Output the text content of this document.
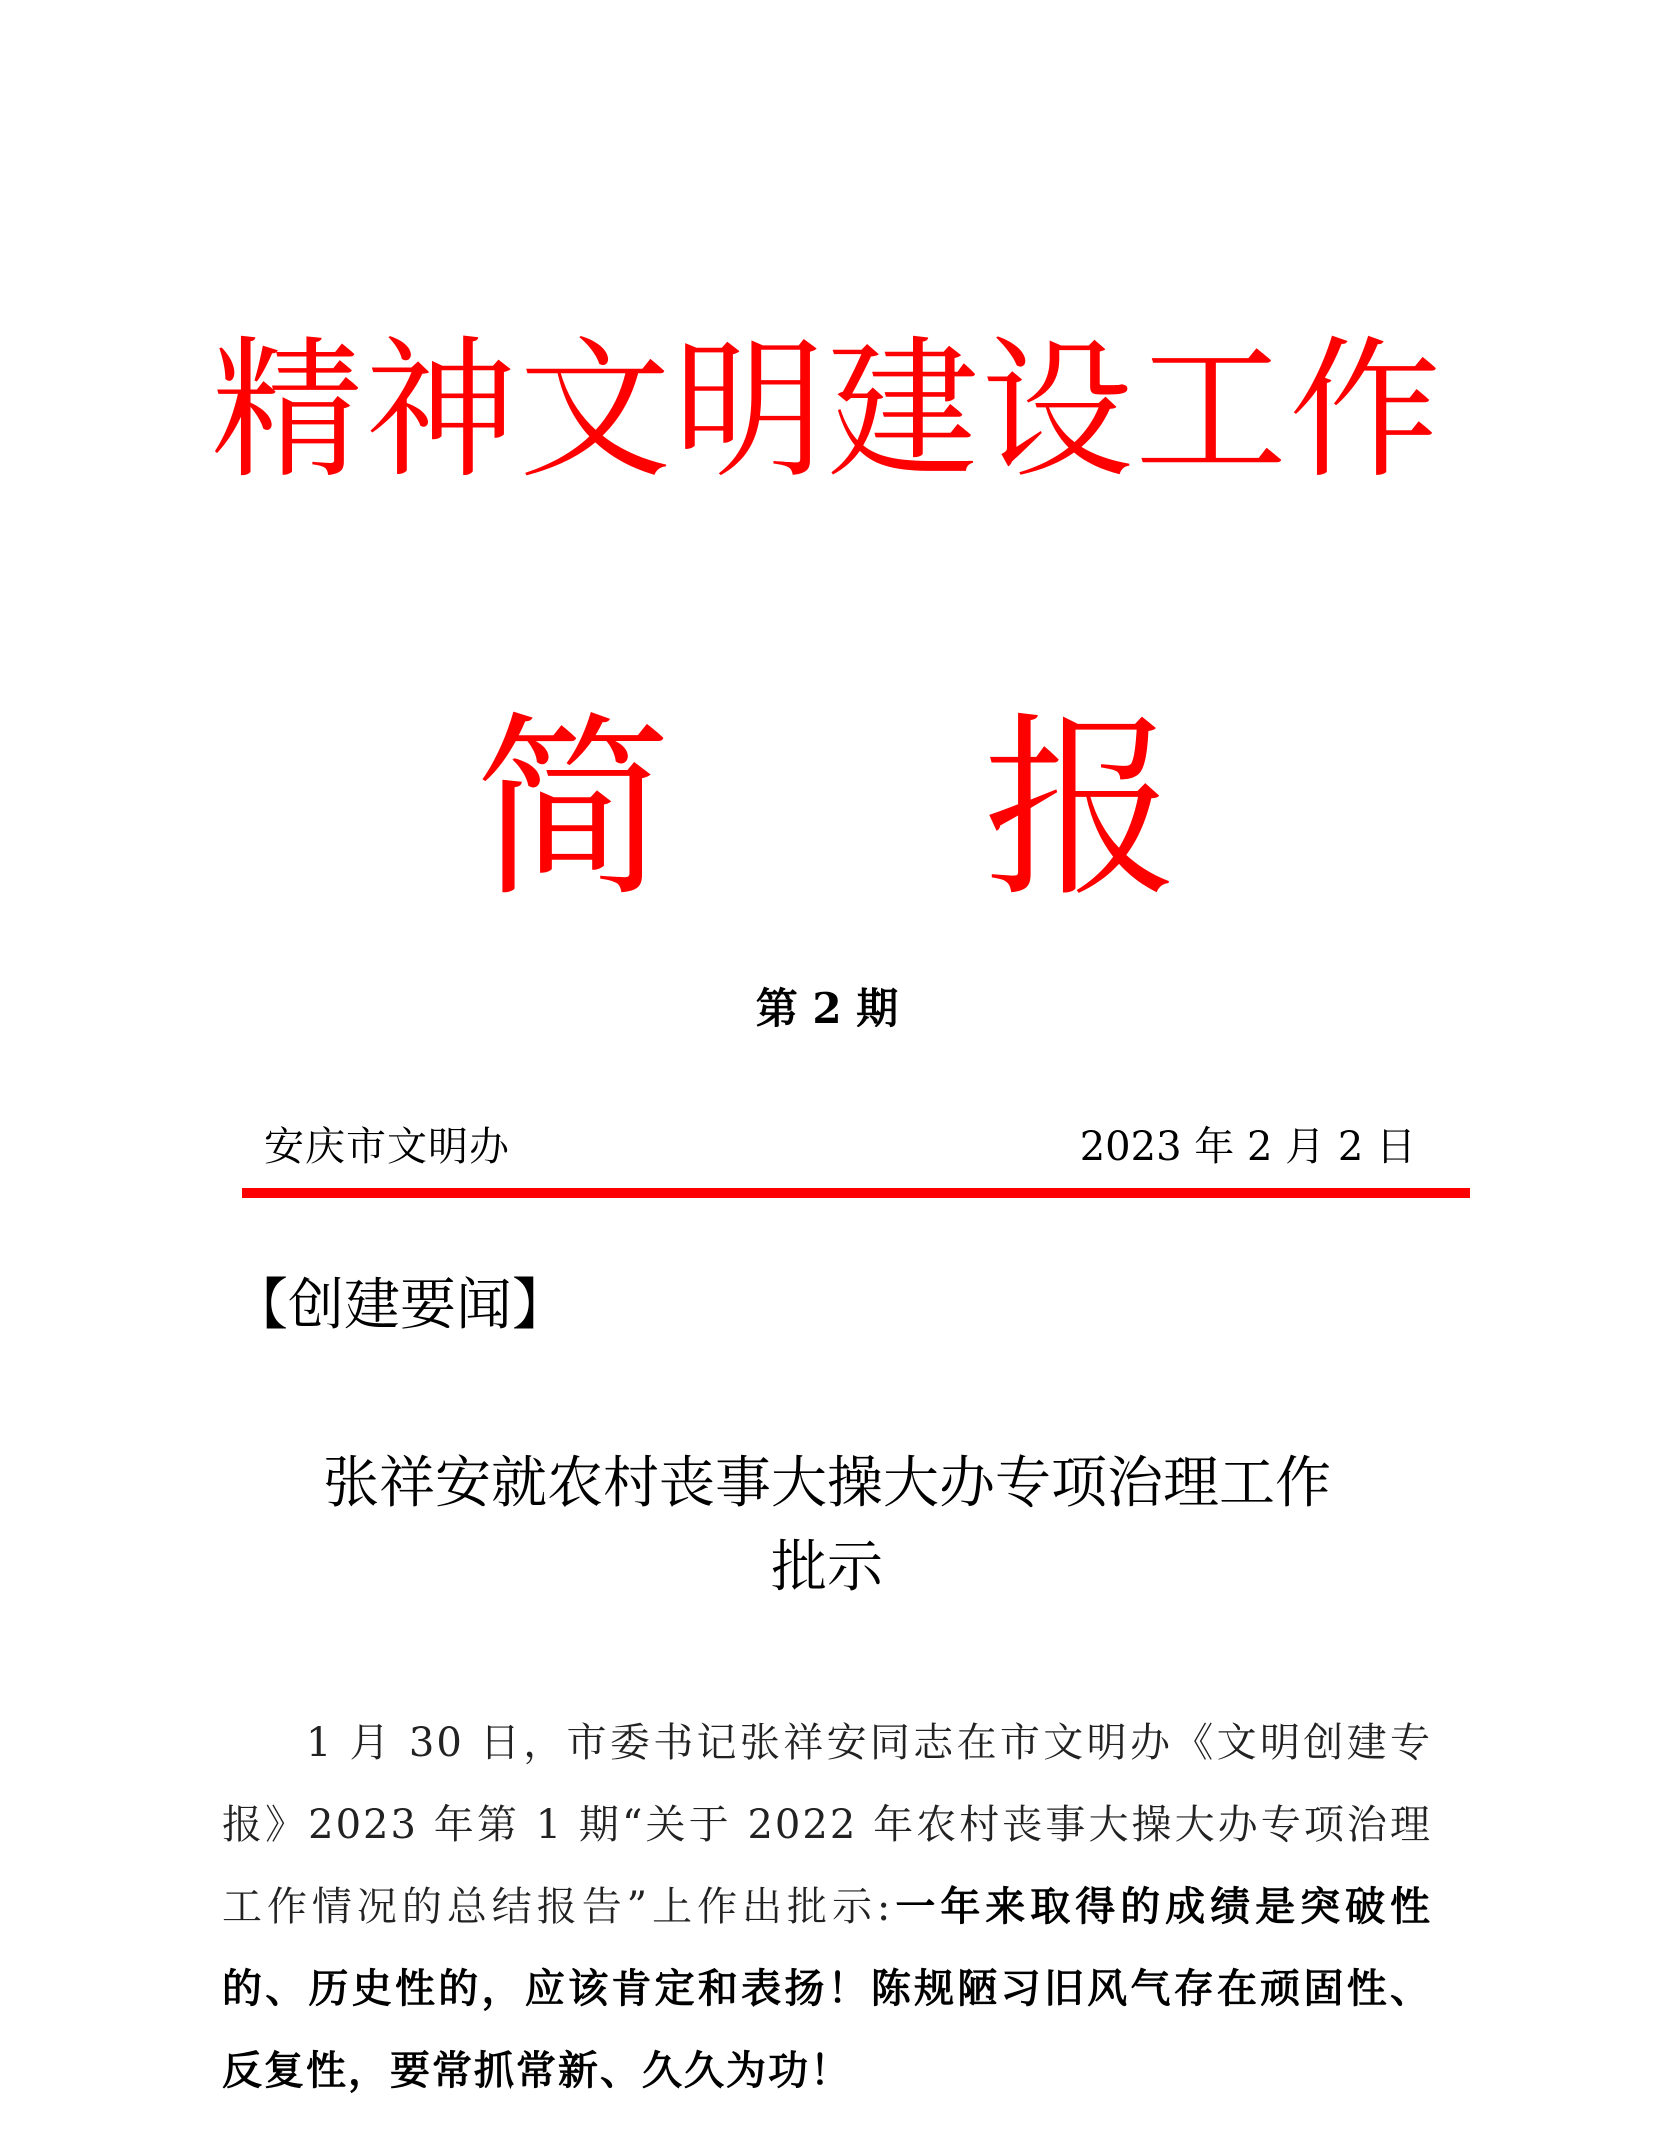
精神文明建设工作
简 报
第 2 期
安庆市文明办	2023 年 2 月 2 日
【创建要闻】
张祥安就农村丧事大操大办专项治理工作
批示
1 月 30 日，市委书记张祥安同志在市文明办《文明创建专报》2023 年第 1 期“关于 2022 年农村丧事大操大办专项治理工作情况的总结报告”上作出批示:一年来取得的成绩是突破性的、历史性的，应该肯定和表扬！陈规陋习旧风气存在顽固性、反复性，要常抓常新、久久为功！
